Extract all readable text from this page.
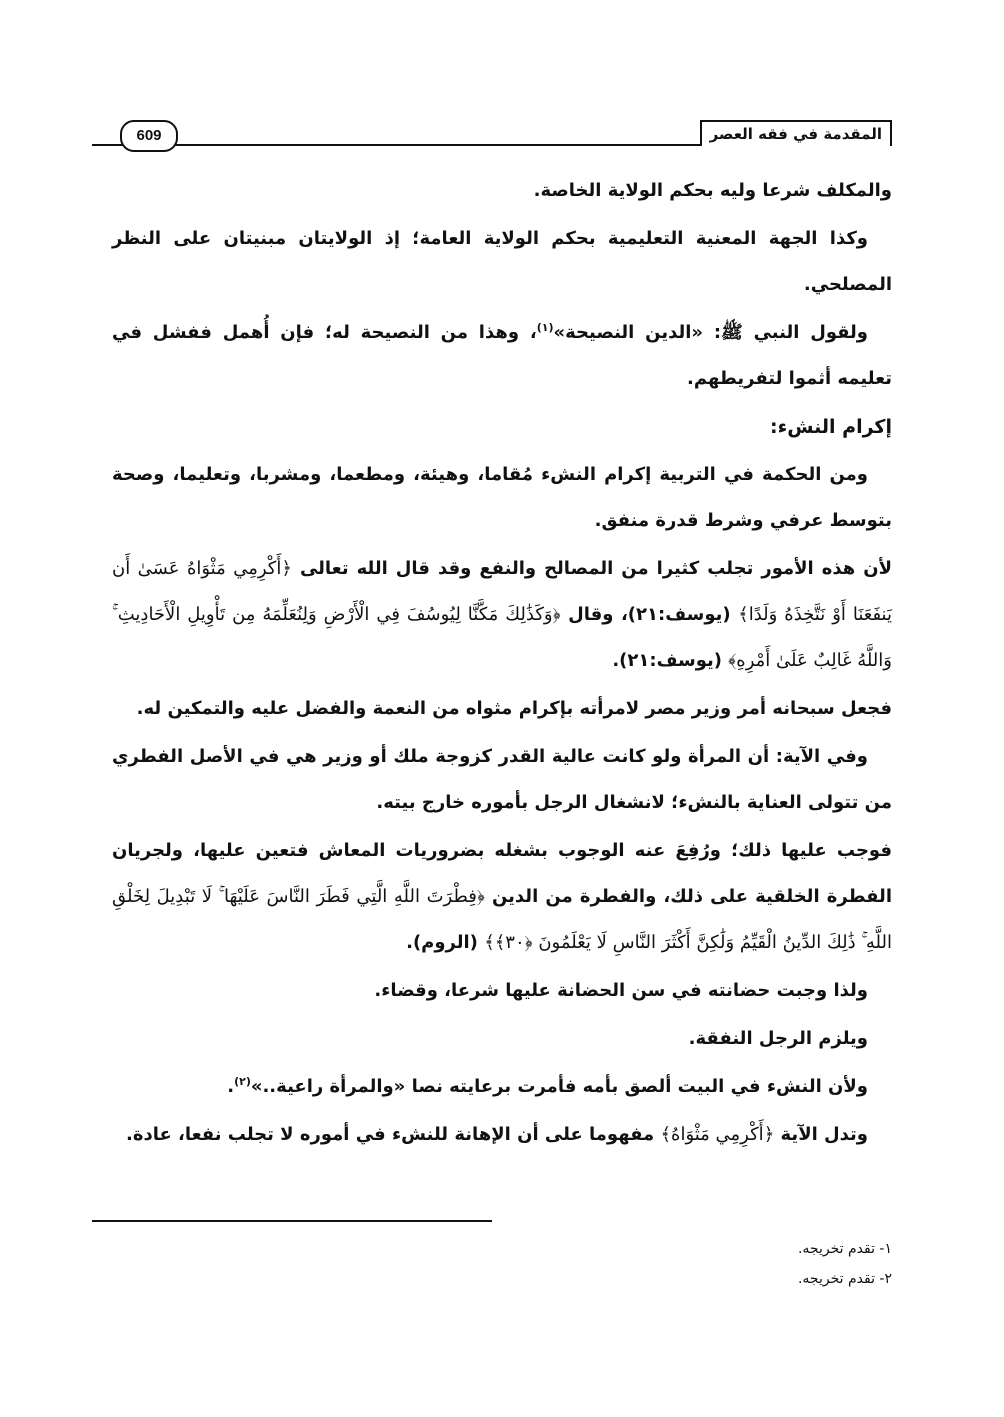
المقدمة في فقه العصر
609

والمكلف شرعا وليه بحكم الولاية الخاصة.

وكذا الجهة المعنية التعليمية بحكم الولاية العامة؛ إذ الولايتان مبنيتان على النظر المصلحي.

ولقول النبي ﷺ: «الدين النصيحة»$^{(١)}$، وهذا من النصيحة له؛ فإن أُهمل ففشل في تعليمه أثموا لتفريطهم.

إكرام النشء:

ومن الحكمة في التربية إكرام النشء مُقاما، وهيئة، ومطعما، ومشربا، وتعليما، وصحة بتوسط عرفي وشرط قدرة منفق.

لأن هذه الأمور تجلب كثيرا من المصالح والنفع وقد قال الله تعالى ﴿أَكْرِمِي مَثْوَاهُ عَسَىٰ أَن يَنفَعَنَا أَوْ نَتَّخِذَهُ وَلَدًا﴾ (يوسف:٢١)، وقال ﴿وَكَذَٰلِكَ مَكَّنَّا لِيُوسُفَ فِي الْأَرْضِ وَلِنُعَلِّمَهُ مِن تَأْوِيلِ الْأَحَادِيثِ ۚ وَاللَّهُ غَالِبٌ عَلَىٰ أَمْرِهِ﴾ (يوسف:٢١).

فجعل سبحانه أمر وزير مصر لامرأته بإكرام مثواه من النعمة والفضل عليه والتمكين له.

وفي الآية: أن المرأة ولو كانت عالية القدر كزوجة ملك أو وزير هي في الأصل الفطري من تتولى العناية بالنشء؛ لانشغال الرجل بأموره خارج بيته.

فوجب عليها ذلك؛ ورُفِعَ عنه الوجوب بشغله بضروريات المعاش فتعين عليها، ولجريان الفطرة الخلقية على ذلك، والفطرة من الدين ﴿فِطْرَتَ اللَّهِ الَّتِي فَطَرَ النَّاسَ عَلَيْهَا ۚ لَا تَبْدِيلَ لِخَلْقِ اللَّهِ ۚ ذَٰلِكَ الدِّينُ الْقَيِّمُ وَلَٰكِنَّ أَكْثَرَ النَّاسِ لَا يَعْلَمُونَ ﴿٣٠﴾﴾ (الروم).

ولذا وجبت حضانته في سن الحضانة عليها شرعا، وقضاء.

ويلزم الرجل النفقة.

ولأن النشء في البيت ألصق بأمه فأمرت برعايته نصا «والمرأة راعية..»$^{(٢)}$.

وتدل الآية ﴿أَكْرِمِي مَثْوَاهُ﴾ مفهوما على أن الإهانة للنشء في أموره لا تجلب نفعا، عادة.

١- تقدم تخريجه.
٢- تقدم تخريجه.
